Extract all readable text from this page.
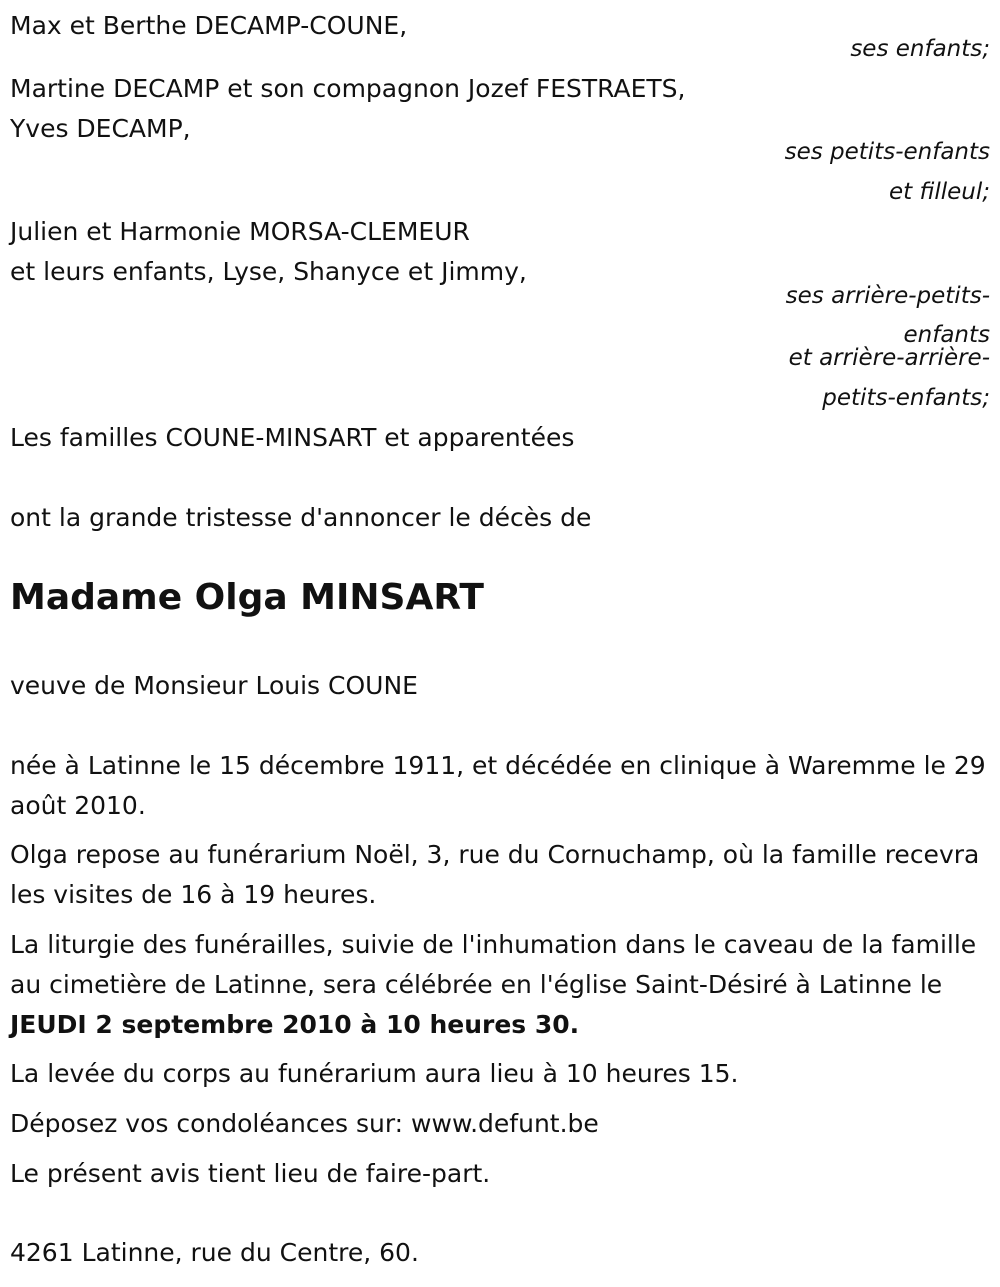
Max et Berthe DECAMP-COUNE,
ses enfants;
Martine DECAMP et son compagnon Jozef FESTRAETS,
Yves DECAMP,
ses petits-enfants
et filleul;
Julien et Harmonie MORSA-CLEMEUR
et leurs enfants, Lyse, Shanyce et Jimmy,
ses arrière-petits-
enfants
et arrière-arrière-
petits-enfants;
Les familles COUNE-MINSART et apparentées
ont la grande tristesse d'annoncer le décès de
Madame Olga MINSART
veuve de Monsieur Louis COUNE
née à Latinne le 15 décembre 1911, et décédée en clinique à Waremme le 29 août 2010.
Olga repose au funérarium Noël, 3, rue du Cornuchamp, où la famille recevra les visites de 16 à 19 heures.
La liturgie des funérailles, suivie de l'inhumation dans le caveau de la famille au cimetière de Latinne, sera célébrée en l'église Saint-Désiré à Latinne le JEUDI 2 septembre 2010 à 10 heures 30.
La levée du corps au funérarium aura lieu à 10 heures 15.
Déposez vos condoléances sur: www.defunt.be
Le présent avis tient lieu de faire-part.
4261 Latinne, rue du Centre, 60.
